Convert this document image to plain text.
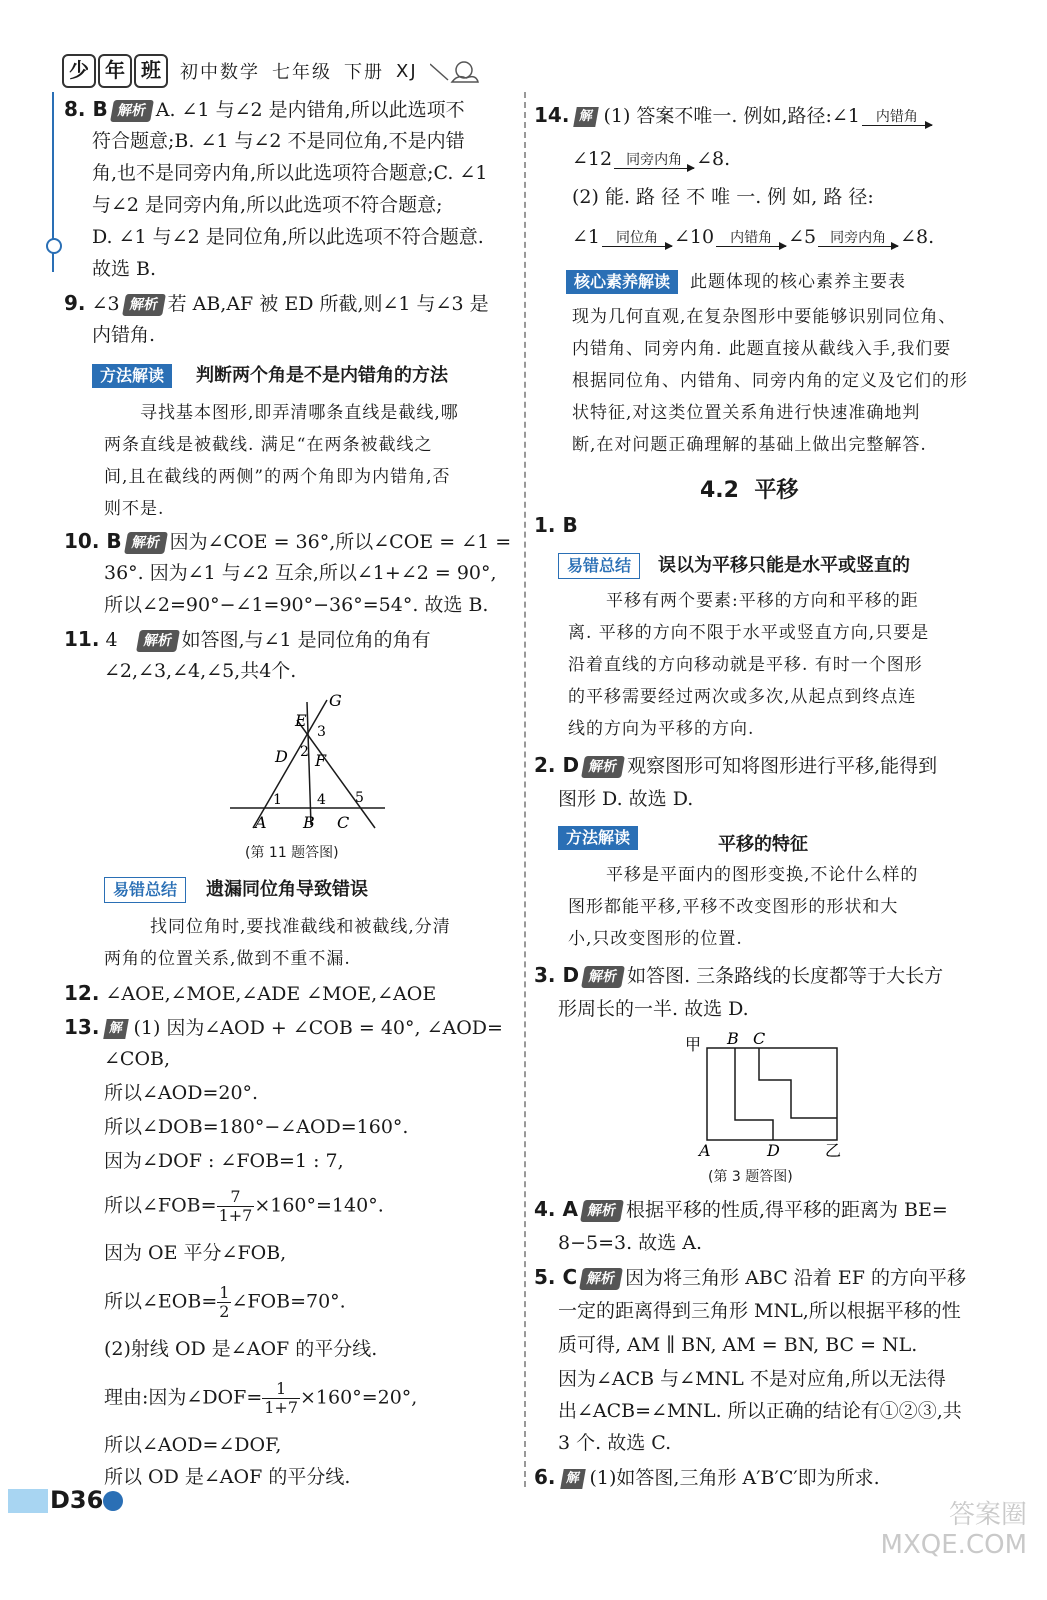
少 年 班	初中数学 七年级 下册 XJ
8. B 解析 A. ∠1 与∠2 是内错角,所以此选项不
符合题意;B. ∠1 与∠2 不是同位角,不是内错
角,也不是同旁内角,所以此选项符合题意;C. ∠1
与∠2 是同旁内角,所以此选项不符合题意;
D. ∠1 与∠2 是同位角,所以此选项不符合题意.
故选 B.
9. ∠3 解析 若 AB,AF 被 ED 所截,则∠1 与∠3 是
内错角.
方法解读 判断两个角是不是内错角的方法
寻找基本图形,即弄清哪条直线是截线,哪
两条直线是被截线. 满足“在两条被截线之
间,且在截线的两侧”的两个角即为内错角,否
则不是.
10. B 解析 因为∠COE = 36°,所以∠COE = ∠1 =
36°. 因为∠1 与∠2 互余,所以∠1+∠2 = 90°,
所以∠2=90°−∠1=90°−36°=54°. 故选 B.
11. 4 解析 如答图,与∠1 是同位角的角有
∠2,∠3,∠4,∠5,共4个.
G
E
3
D 2 F
1	4 5
A B C
(第 11 题答图)
易错总结 遗漏同位角导致错误
找同位角时,要找准截线和被截线,分清
两角的位置关系,做到不重不漏.
12. ∠AOE,∠MOE,∠ADE ∠MOE,∠AOE
13. 解 (1) 因为∠AOD + ∠COB = 40°, ∠AOD=
∠COB,
所以∠AOD=20°.
所以∠DOB=180°−∠AOD=160°.
因为∠DOF : ∠FOB=1 : 7,
所以∠FOB= $\frac{7}{1+7} \times 160^\circ=140^\circ$.
因为 OE 平分∠FOB,
所以∠EOB= $\frac{1}{2}$ ∠FOB=70°.
(2)射线 OD 是∠AOF 的平分线.
理由:因为∠DOF= $\frac{1}{1+7} \times 160^\circ=20^\circ$,
所以∠AOD=∠DOF,
所以 OD 是∠AOF 的平分线.
14. 解 (1) 答案不唯一. 例如,路径:∠1	内错角
∠12	同旁内角 ∠8.
(2) 能. 路 径 不 唯 一. 例 如, 路 径:
∠1	同位角 ∠10	内错角 ∠5	同旁内角 ∠8.
核心素养解读 此题体现的核心素养主要表
现为几何直观,在复杂图形中要能够识别同位角、
内错角、同旁内角. 此题直接从截线入手,我们要
根据同位角、内错角、同旁内角的定义及它们的形
状特征,对这类位置关系角进行快速准确地判
断,在对问题正确理解的基础上做出完整解答.
4.2 平移
1. B
易错总结 误以为平移只能是水平或竖直的
平移有两个要素:平移的方向和平移的距
离. 平移的方向不限于水平或竖直方向,只要是
沿着直线的方向移动就是平移. 有时一个图形
的平移需要经过两次或多次,从起点到终点连
线的方向为平移的方向.
2. D 解析 观察图形可知将图形进行平移,能得到
图形 D. 故选 D.
方法解读	平移的特征
平移是平面内的图形变换,不论什么样的
图形都能平移,平移不改变图形的形状和大
小,只改变图形的位置.
3. D 解析 如答图. 三条路线的长度都等于大长方
形周长的一半. 故选 D.
甲 B C
A	D	乙
(第 3 题答图)
4. A 解析 根据平移的性质,得平移的距离为 BE=
8−5=3. 故选 A.
5. C 解析 因为将三角形 ABC 沿着 EF 的方向平移
一定的距离得到三角形 MNL,所以根据平移的性
质可得, AM ∥ BN, AM = BN, BC = NL.
因为∠ACB 与∠MNL 不是对应角,所以无法得
出∠ACB=∠MNL. 所以正确的结论有①②③,共
3 个. 故选 C.
6. 解 (1)如答图,三角形 A′B′C′即为所求.
D36	答案圈
MXQE.COM
